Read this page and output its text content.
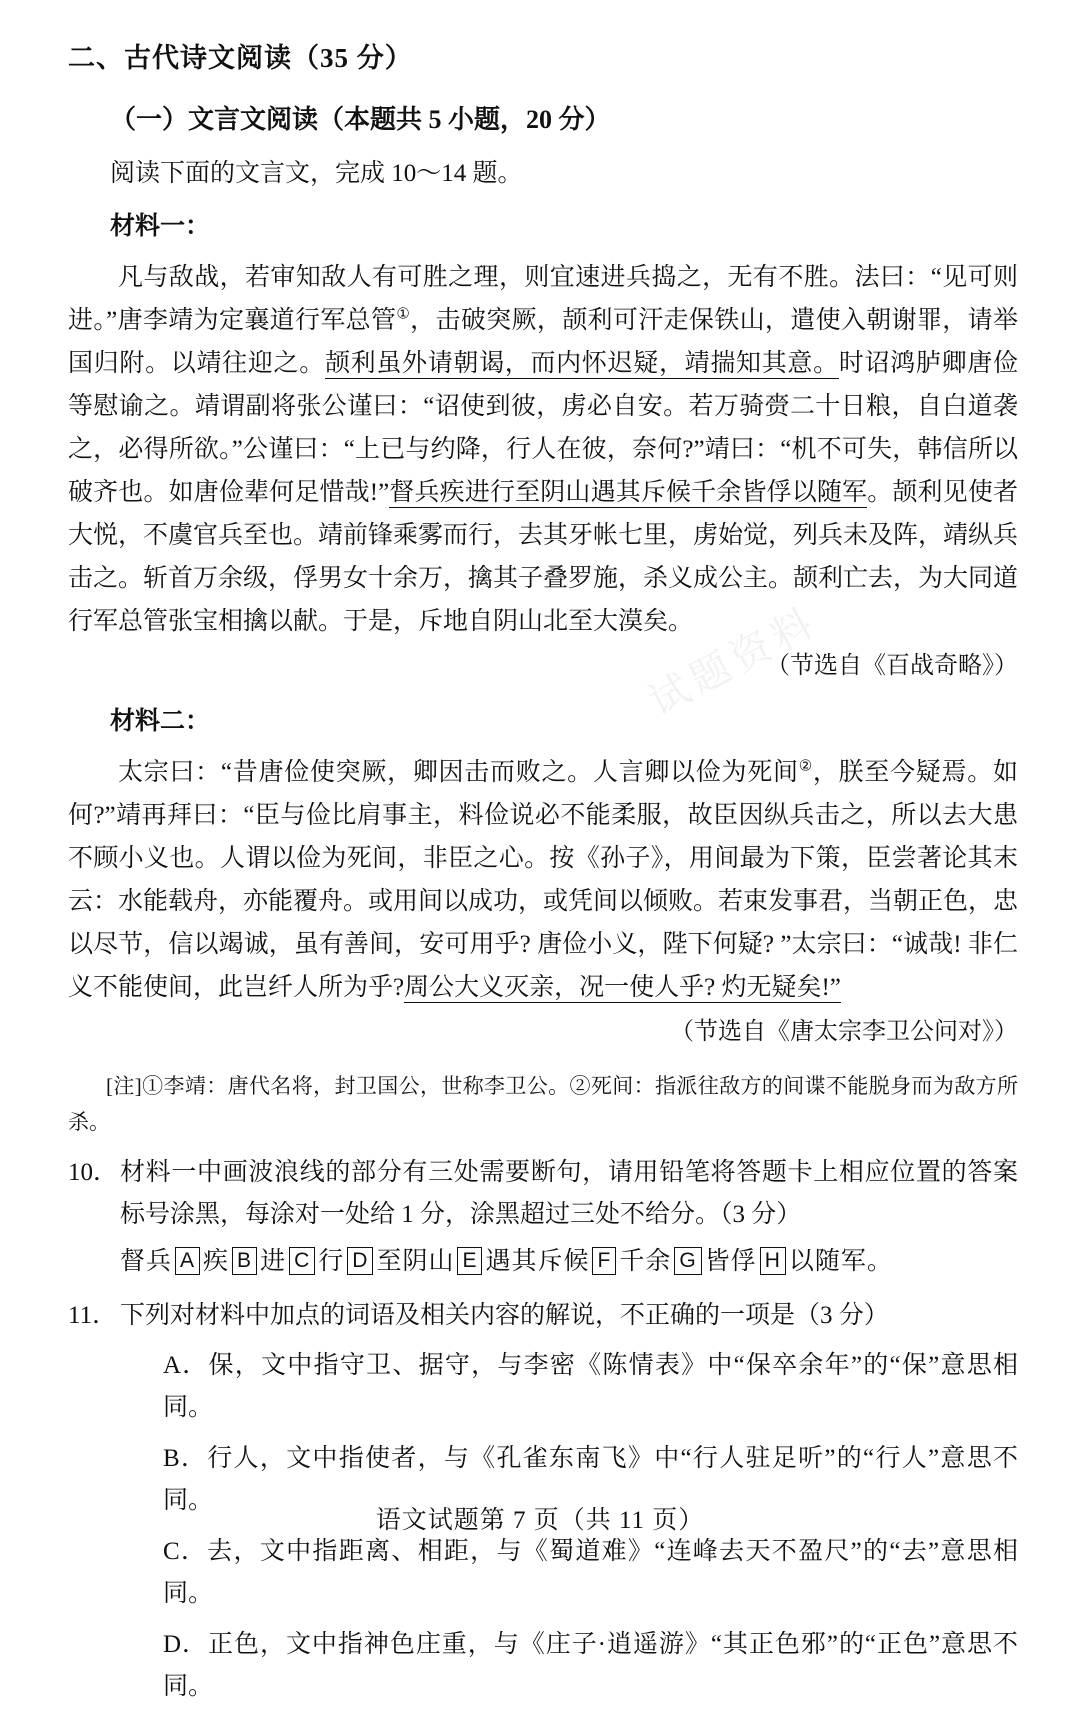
试题资料
二、古代诗文阅读（35 分）
（一）文言文阅读（本题共 5 小题，20 分）
阅读下面的文言文，完成 10～14 题。
材料一：
凡与敌战，若审知敌人有可胜之理，则宜速进兵捣之，无有不胜。法曰：“见可则进。”唐李靖为定襄道行军总管①，击破突厥，颉利可汗走保铁山，遣使入朝谢罪，请举国归附。以靖往迎之。颉利虽外请朝谒，而内怀迟疑，靖揣知其意。时诏鸿胪卿唐俭等慰谕之。靖谓副将张公谨曰：“诏使到彼，虏必自安。若万骑赍二十日粮，自白道袭之，必得所欲。”公谨曰：“上已与约降，行人在彼，奈何?”靖曰：“机不可失，韩信所以破齐也。如唐俭辈何足惜哉!”督兵疾进行至阴山遇其斥候千余皆俘以随军。颉利见使者大悦，不虞官兵至也。靖前锋乘雾而行，去其牙帐七里，虏始觉，列兵未及阵，靖纵兵击之。斩首万余级，俘男女十余万，擒其子叠罗施，杀义成公主。颉利亡去，为大同道行军总管张宝相擒以献。于是，斥地自阴山北至大漠矣。
（节选自《百战奇略》）
材料二：
太宗曰：“昔唐俭使突厥，卿因击而败之。人言卿以俭为死间②，朕至今疑焉。如何?”靖再拜曰：“臣与俭比肩事主，料俭说必不能柔服，故臣因纵兵击之，所以去大患不顾小义也。人谓以俭为死间，非臣之心。按《孙子》，用间最为下策，臣尝著论其末云：水能载舟，亦能覆舟。或用间以成功，或凭间以倾败。若束发事君，当朝正色，忠以尽节，信以竭诚，虽有善间，安可用乎? 唐俭小义，陛下何疑? ”太宗曰：“诚哉! 非仁义不能使间，此岂纤人所为乎?周公大义灭亲，况一使人乎? 灼无疑矣!”
（节选自《唐太宗李卫公问对》）
[注]①李靖：唐代名将，封卫国公，世称李卫公。②死间：指派往敌方的间谍不能脱身而为敌方所杀。
10． 材料一中画波浪线的部分有三处需要断句，请用铅笔将答题卡上相应位置的答案标号涂黑，每涂对一处给 1 分，涂黑超过三处不给分。（3 分）
督兵 A 疾 B 进 C 行 D 至阴山 E 遇其斥候 F 千余 G 皆俘 H 以随军。
11． 下列对材料中加点的词语及相关内容的解说，不正确的一项是（3 分）
A．保，文中指守卫、据守，与李密《陈情表》中“保卒余年”的“保”意思相同。
B．行人，文中指使者，与《孔雀东南飞》中“行人驻足听”的“行人”意思不同。
C．去，文中指距离、相距，与《蜀道难》“连峰去天不盈尺”的“去”意思相同。
D．正色，文中指神色庄重，与《庄子·逍遥游》“其正色邪”的“正色”意思不同。
语文试题第 7 页（共 11 页）
